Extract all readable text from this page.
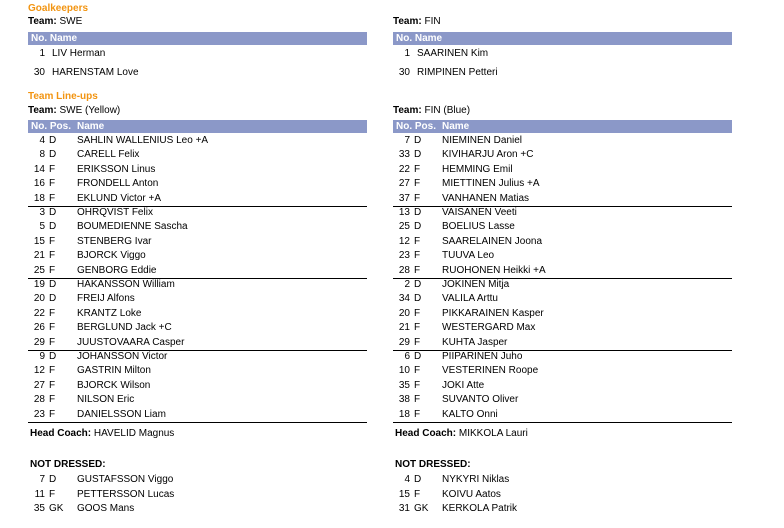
Goalkeepers
Team: SWE
No. Name
1 LIV Herman
30 HARENSTAM Love
Team Line-ups
Team: SWE (Yellow)
No. Pos. Name
4 D SAHLIN WALLENIUS Leo +A
8 D CARELL Felix
14 F ERIKSSON Linus
16 F FRONDELL Anton
18 F EKLUND Victor +A
3 D OHRQVIST Felix
5 D BOUMEDIENNE Sascha
15 F STENBERG Ivar
21 F BJORCK Viggo
25 F GENBORG Eddie
19 D HAKANSSON William
20 D FREIJ Alfons
22 F KRANTZ Loke
26 F BERGLUND Jack +C
29 F JUUSTOVAARA Casper
9 D JOHANSSON Victor
12 F GASTRIN Milton
27 F BJORCK Wilson
28 F NILSON Eric
23 F DANIELSSON Liam
Head Coach: HAVELID Magnus
NOT DRESSED:
7 D GUSTAFSSON Viggo
11 F PETTERSSON Lucas
35 GK GOOS Mans
Team: FIN
No. Name
1 SAARINEN Kim
30 RIMPINEN Petteri
Team: FIN (Blue)
No. Pos. Name
7 D NIEMINEN Daniel
33 D KIVIHARJU Aron +C
22 F HEMMING Emil
27 F MIETTINEN Julius +A
37 F VANHANEN Matias
13 D VAISANEN Veeti
25 D BOELIUS Lasse
12 F SAARELAINEN Joona
23 F TUUVA Leo
28 F RUOHONEN Heikki +A
2 D JOKINEN Mitja
34 D VALILA Arttu
20 F PIKKARAINEN Kasper
21 F WESTERGARD Max
29 F KUHTA Jasper
6 D PIIPARINEN Juho
10 F VESTERINEN Roope
35 F JOKI Atte
38 F SUVANTO Oliver
18 F KALTO Onni
Head Coach: MIKKOLA Lauri
NOT DRESSED:
4 D NYKYRI Niklas
15 F KOIVU Aatos
31 GK KERKOLA Patrik
